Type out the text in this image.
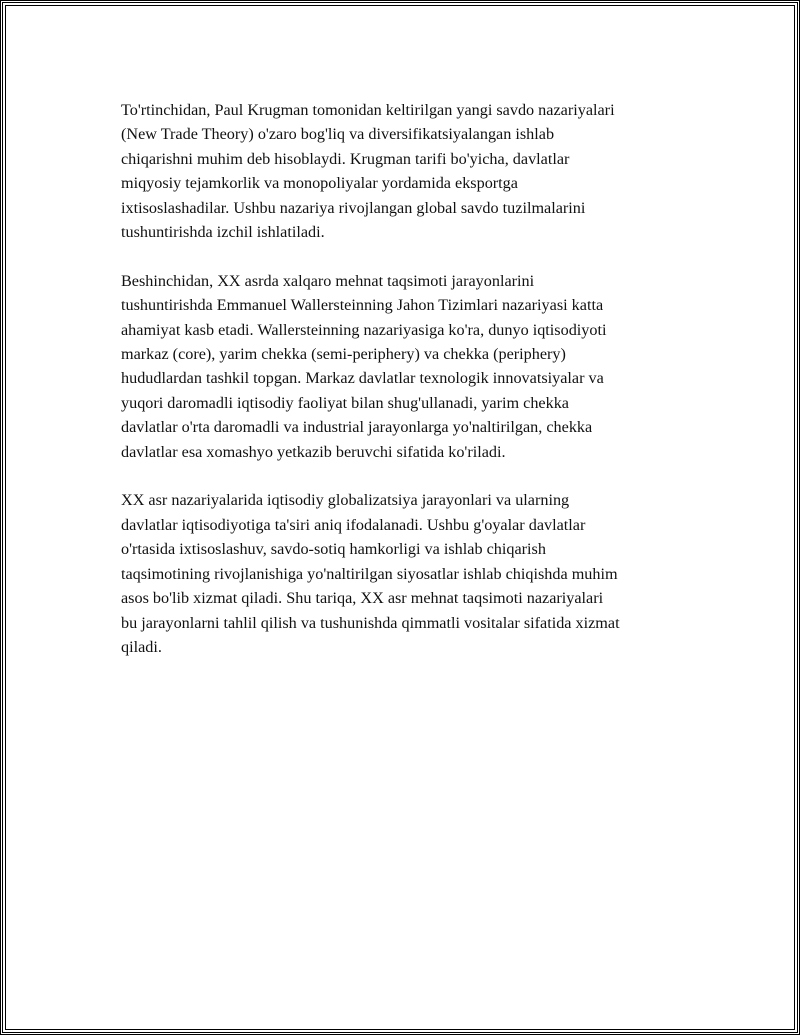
To'rtinchidan, Paul Krugman tomonidan keltirilgan yangi savdo nazariyalari
(New Trade Theory) o'zaro bog'liq va diversifikatsiyalangan ishlab
chiqarishni muhim deb hisoblaydi. Krugman tarifi bo'yicha, davlatlar
miqyosiy tejamkorlik va monopoliyalar yordamida eksportga
ixtisoslashadilar. Ushbu nazariya rivojlangan global savdo tuzilmalarini
tushuntirishda izchil ishlatiladi.

Beshinchidan, XX asrda xalqaro mehnat taqsimoti jarayonlarini
tushuntirishda Emmanuel Wallersteinning Jahon Tizimlari nazariyasi katta
ahamiyat kasb etadi. Wallersteinning nazariyasiga ko'ra, dunyo iqtisodiyoti
markaz (core), yarim chekka (semi-periphery) va chekka (periphery)
hududlardan tashkil topgan. Markaz davlatlar texnologik innovatsiyalar va
yuqori daromadli iqtisodiy faoliyat bilan shug'ullanadi, yarim chekka
davlatlar o'rta daromadli va industrial jarayonlarga yo'naltirilgan, chekka
davlatlar esa xomashyo yetkazib beruvchi sifatida ko'riladi.

XX asr nazariyalarida iqtisodiy globalizatsiya jarayonlari va ularning
davlatlar iqtisodiyotiga ta'siri aniq ifodalanadi. Ushbu g'oyalar davlatlar
o'rtasida ixtisoslashuv, savdo-sotiq hamkorligi va ishlab chiqarish
taqsimotining rivojlanishiga yo'naltirilgan siyosatlar ishlab chiqishda muhim
asos bo'lib xizmat qiladi. Shu tariqa, XX asr mehnat taqsimoti nazariyalari
bu jarayonlarni tahlil qilish va tushunishda qimmatli vositalar sifatida xizmat
qiladi.
